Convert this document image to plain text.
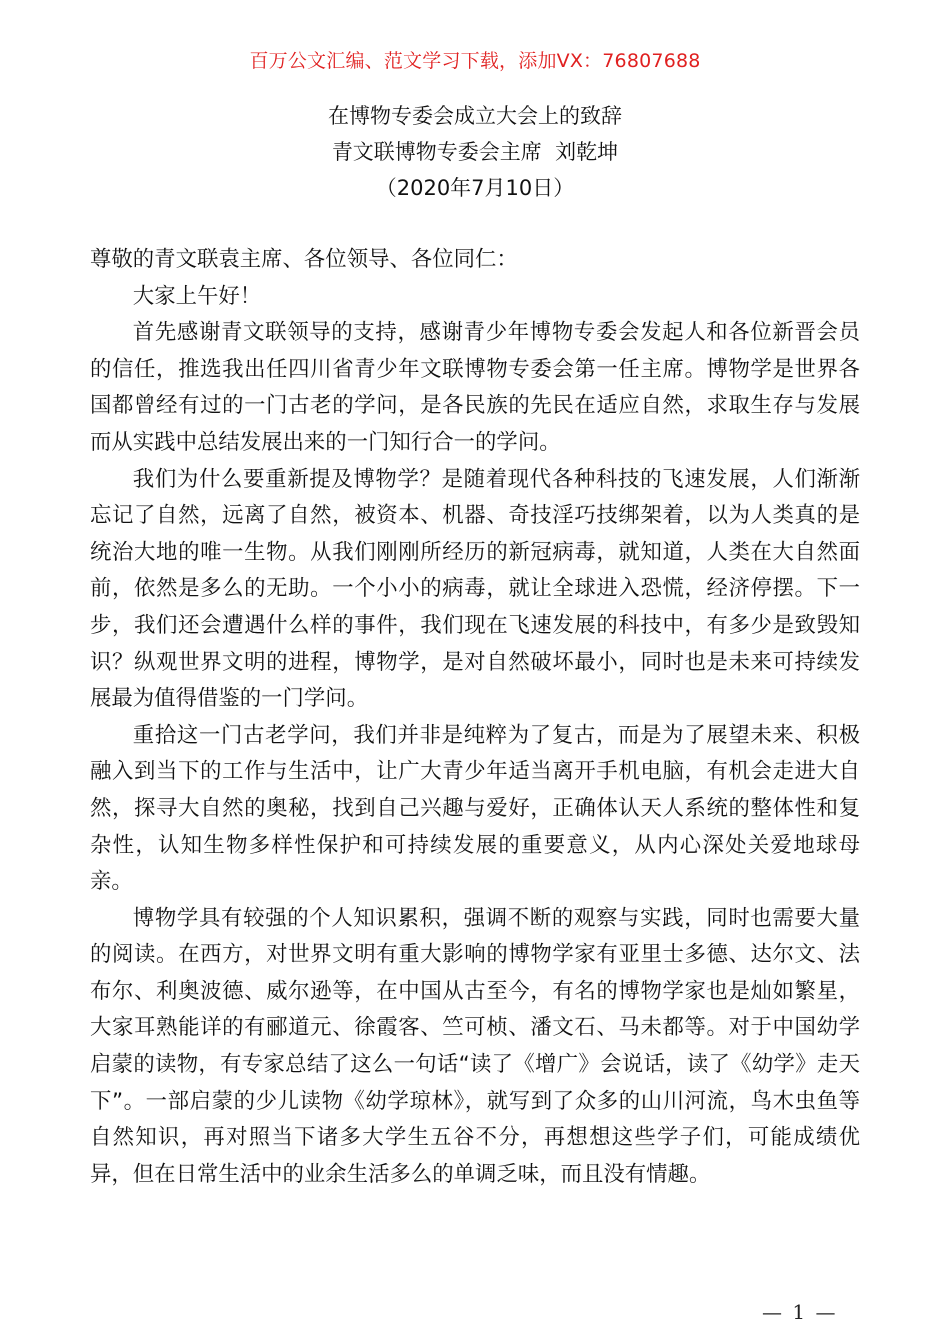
百万公文汇编、范文学习下载，添加VX：76807688
在博物专委会成立大会上的致辞
青文联博物专委会主席  刘乾坤
（2020年7月10日）

尊敬的青文联袁主席、各位领导、各位同仁：

大家上午好！

首先感谢青文联领导的支持，感谢青少年博物专委会发起人和各位新晋会员的信任，推选我出任四川省青少年文联博物专委会第一任主席。博物学是世界各国都曾经有过的一门古老的学问，是各民族的先民在适应自然，求取生存与发展而从实践中总结发展出来的一门知行合一的学问。

我们为什么要重新提及博物学？是随着现代各种科技的飞速发展，人们渐渐忘记了自然，远离了自然，被资本、机器、奇技淫巧技绑架着，以为人类真的是统治大地的唯一生物。从我们刚刚所经历的新冠病毒，就知道，人类在大自然面前，依然是多么的无助。一个小小的病毒，就让全球进入恐慌，经济停摆。下一步，我们还会遭遇什么样的事件，我们现在飞速发展的科技中，有多少是致毁知识？纵观世界文明的进程，博物学，是对自然破坏最小，同时也是未来可持续发展最为值得借鉴的一门学问。

重拾这一门古老学问，我们并非是纯粹为了复古，而是为了展望未来、积极融入到当下的工作与生活中，让广大青少年适当离开手机电脑，有机会走进大自然，探寻大自然的奥秘，找到自己兴趣与爱好，正确体认天人系统的整体性和复杂性，认知生物多样性保护和可持续发展的重要意义，从内心深处关爱地球母亲。

博物学具有较强的个人知识累积，强调不断的观察与实践，同时也需要大量的阅读。在西方，对世界文明有重大影响的博物学家有亚里士多德、达尔文、法布尔、利奥波德、威尔逊等，在中国从古至今，有名的博物学家也是灿如繁星，大家耳熟能详的有郦道元、徐霞客、竺可桢、潘文石、马未都等。对于中国幼学启蒙的读物，有专家总结了这么一句话“读了《增广》会说话，读了《幼学》走天下”。一部启蒙的少儿读物《幼学琼林》，就写到了众多的山川河流，鸟木虫鱼等自然知识，再对照当下诸多大学生五谷不分，再想想这些学子们，可能成绩优异，但在日常生活中的业余生活多么的单调乏味，而且没有情趣。

— 1 —
